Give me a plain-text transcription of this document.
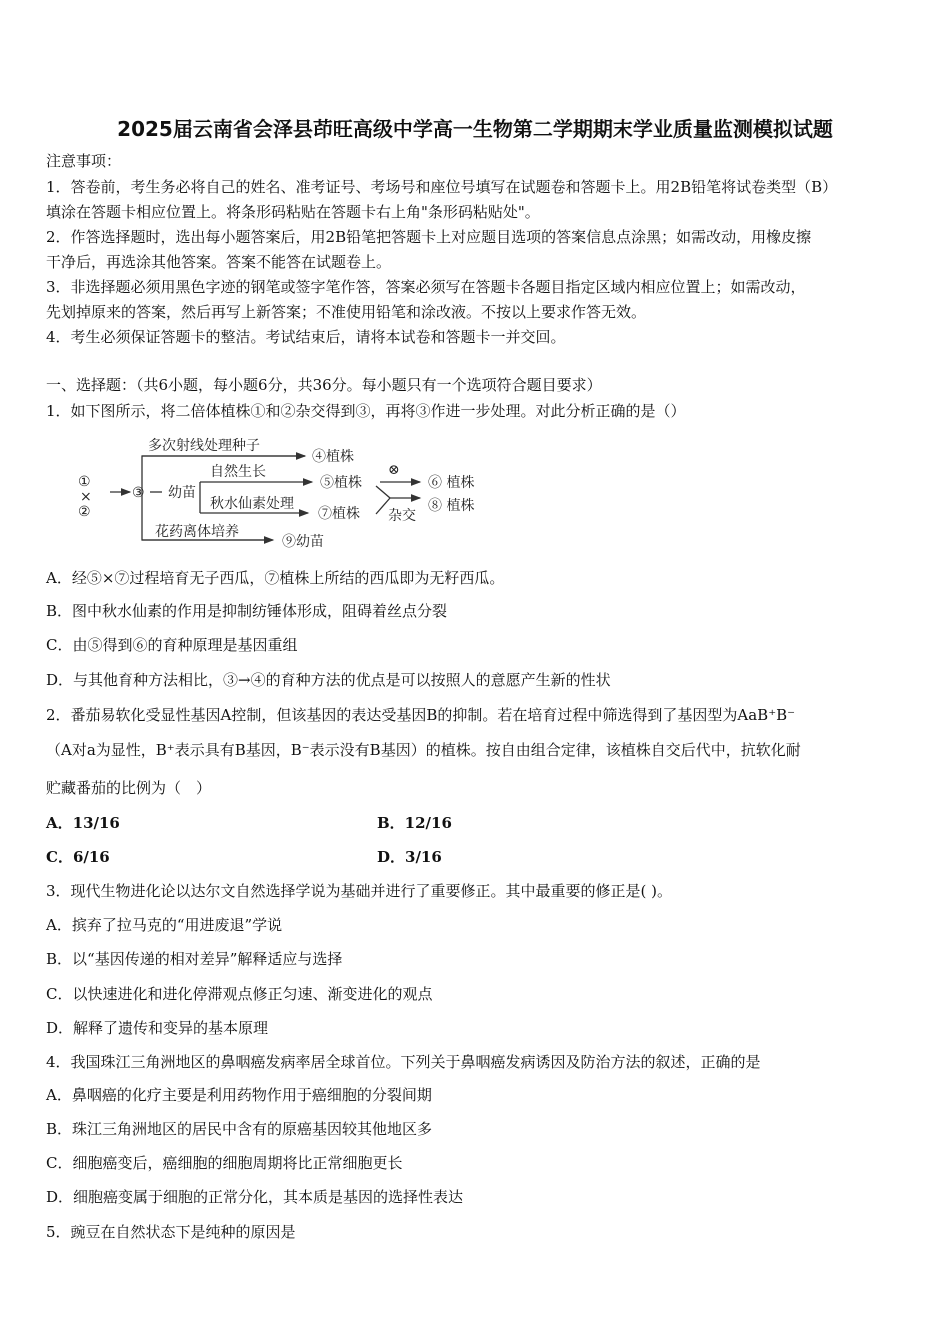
2025届云南省会泽县茚旺高级中学高一生物第二学期期末学业质量监测模拟试题
注意事项：
1．答卷前，考生务必将自己的姓名、准考证号、考场号和座位号填写在试题卷和答题卡上。用2B铅笔将试卷类型（B）
填涂在答题卡相应位置上。将条形码粘贴在答题卡右上角"条形码粘贴处"。
2．作答选择题时，选出每小题答案后，用2B铅笔把答题卡上对应题目选项的答案信息点涂黑；如需改动，用橡皮擦
干净后，再选涂其他答案。答案不能答在试题卷上。
3．非选择题必须用黑色字迹的钢笔或签字笔作答，答案必须写在答题卡各题目指定区域内相应位置上；如需改动，
先划掉原来的答案，然后再写上新答案；不准使用铅笔和涂改液。不按以上要求作答无效。
4．考生必须保证答题卡的整洁。考试结束后，请将本试卷和答题卡一并交回。
一、选择题：（共6小题，每小题6分，共36分。每小题只有一个选项符合题目要求）
1．如下图所示，将二倍体植株①和②杂交得到③，再将③作进一步处理。对此分析正确的是（）
①
×
②
③ 幼苗
多次射线处理种子
④植株
自然生长
⑤植株
秋水仙素处理
⑦植株
⊗
⑥ 植株
杂交
⑧ 植株
花药离体培养
⑨幼苗
A．经⑤×⑦过程培育无子西瓜，⑦植株上所结的西瓜即为无籽西瓜。
B．图中秋水仙素的作用是抑制纺锤体形成，阻碍着丝点分裂
C．由⑤得到⑥的育种原理是基因重组
D．与其他育种方法相比，③→④的育种方法的优点是可以按照人的意愿产生新的性状
2．番茄易软化受显性基因A控制，但该基因的表达受基因B的抑制。若在培育过程中筛选得到了基因型为AaB⁺B⁻
（A对a为显性，B⁺表示具有B基因，B⁻表示没有B基因）的植株。按自由组合定律，该植株自交后代中，抗软化耐
贮藏番茄的比例为（　）
A．13/16	B．12/16
C．6/16	D．3/16
3．现代生物进化论以达尔文自然选择学说为基础并进行了重要修正。其中最重要的修正是( )。
A．摈弃了拉马克的“用进废退”学说
B．以“基因传递的相对差异”解释适应与选择
C．以快速进化和进化停滞观点修正匀速、渐变进化的观点
D．解释了遗传和变异的基本原理
4．我国珠江三角洲地区的鼻咽癌发病率居全球首位。下列关于鼻咽癌发病诱因及防治方法的叙述，正确的是
A．鼻咽癌的化疗主要是利用药物作用于癌细胞的分裂间期
B．珠江三角洲地区的居民中含有的原癌基因较其他地区多
C．细胞癌变后，癌细胞的细胞周期将比正常细胞更长
D．细胞癌变属于细胞的正常分化，其本质是基因的选择性表达
5．豌豆在自然状态下是纯种的原因是
